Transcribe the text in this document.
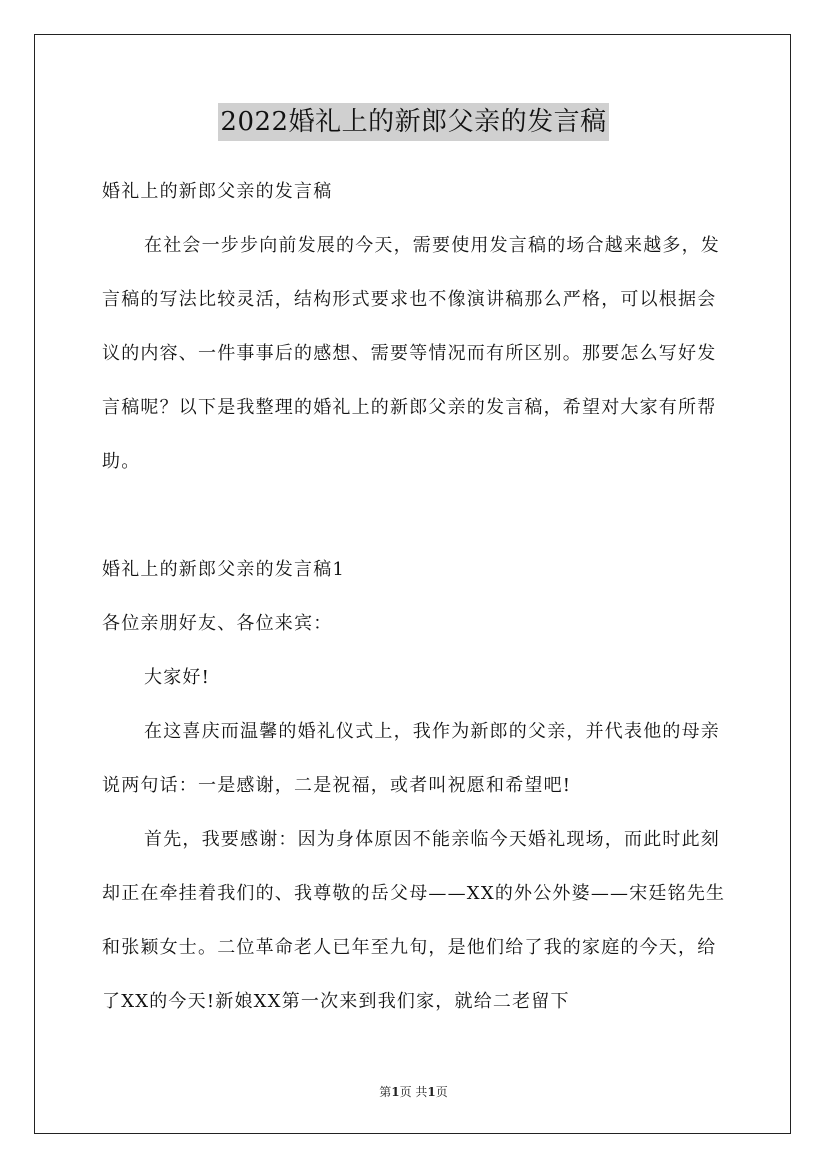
2022婚礼上的新郎父亲的发言稿

婚礼上的新郎父亲的发言稿

在社会一步步向前发展的今天，需要使用发言稿的场合越来越多，发言稿的写法比较灵活，结构形式要求也不像演讲稿那么严格，可以根据会议的内容、一件事事后的感想、需要等情况而有所区别。那要怎么写好发言稿呢？以下是我整理的婚礼上的新郎父亲的发言稿，希望对大家有所帮助。

婚礼上的新郎父亲的发言稿1

各位亲朋好友、各位来宾：

大家好!

在这喜庆而温馨的婚礼仪式上，我作为新郎的父亲，并代表他的母亲说两句话：一是感谢，二是祝福，或者叫祝愿和希望吧!

首先，我要感谢：因为身体原因不能亲临今天婚礼现场，而此时此刻却正在牵挂着我们的、我尊敬的岳父母——XX的外公外婆——宋廷铭先生和张颖女士。二位革命老人已年至九旬，是他们给了我的家庭的今天，给了XX的今天!新娘XX第一次来到我们家，就给二老留下

第1页 共1页
